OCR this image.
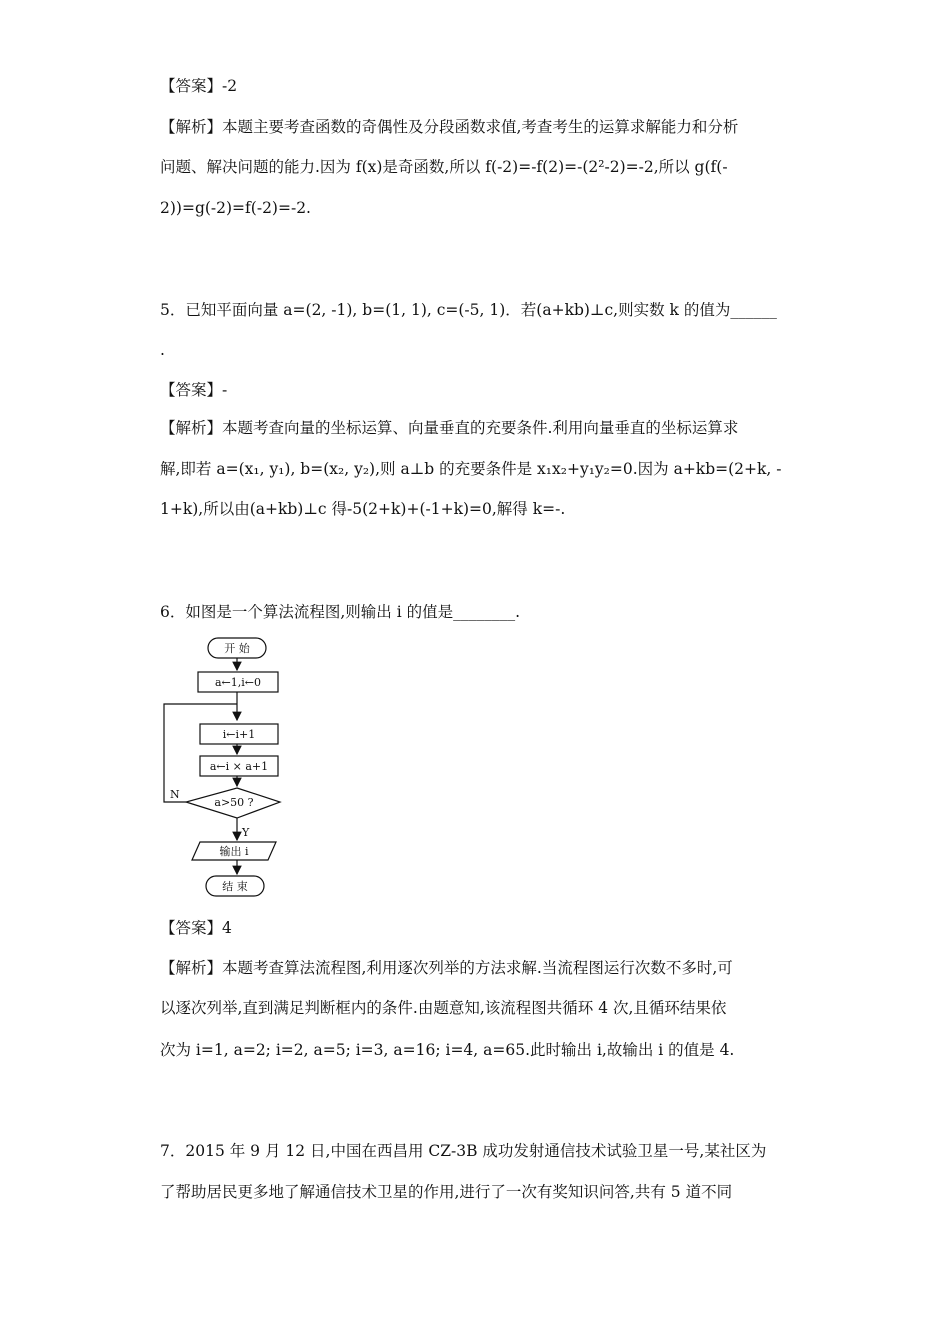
【答案】-2
【解析】本题主要考查函数的奇偶性及分段函数求值,考查考生的运算求解能力和分析
问题、解决问题的能力.因为 f(x)是奇函数,所以 f(-2)=-f(2)=-(2²-2)=-2,所以 g(f(-
2))=g(-2)=f(-2)=-2.
5．已知平面向量 a=(2, -1), b=(1, 1), c=(-5, 1)．若(a+kb)⊥c,则实数 k 的值为______
.
【答案】-
【解析】本题考查向量的坐标运算、向量垂直的充要条件.利用向量垂直的坐标运算求
解,即若 a=(x₁, y₁), b=(x₂, y₂),则 a⊥b 的充要条件是 x₁x₂+y₁y₂=0.因为 a+kb=(2+k, -
1+k),所以由(a+kb)⊥c 得-5(2+k)+(-1+k)=0,解得 k=-.
6．如图是一个算法流程图,则输出 i 的值是________.
开 始
a←1,i←0
i←i+1
a←i × a+1
a>50 ?
N
Y
输出 i
结 束
【答案】4
【解析】本题考查算法流程图,利用逐次列举的方法求解.当流程图运行次数不多时,可
以逐次列举,直到满足判断框内的条件.由题意知,该流程图共循环 4 次,且循环结果依
次为 i=1, a=2; i=2, a=5; i=3, a=16; i=4, a=65.此时输出 i,故输出 i 的值是 4.
7．2015 年 9 月 12 日,中国在西昌用 CZ-3B 成功发射通信技术试验卫星一号,某社区为
了帮助居民更多地了解通信技术卫星的作用,进行了一次有奖知识问答,共有 5 道不同
